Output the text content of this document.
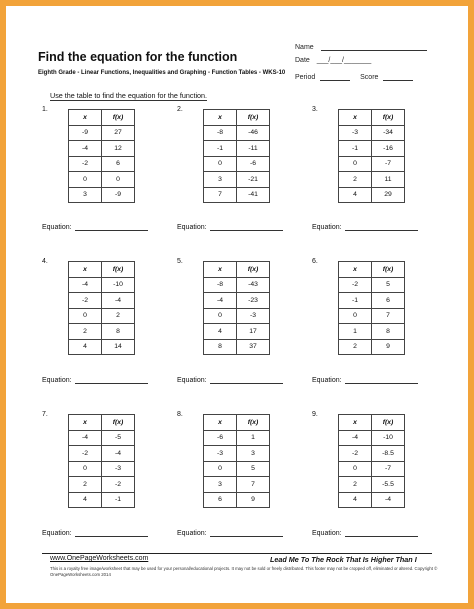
Find the equation for the function
Eighth Grade - Linear Functions, Inequalities and Graphing - Function Tables - WKS-10
Name
Date ___/___/_______
Period	Score
Use the table to find the equation for the function.
1.
x	f(x)
-9	27
-4	12
-2	6
0	0
3	-9
Equation:
2.
x	f(x)
-8	-46
-1	-11
0	-6
3	-21
7	-41
Equation:
3.
x	f(x)
-3	-34
-1	-16
0	-7
2	11
4	29
Equation:
4.
x	f(x)
-4	-10
-2	-4
0	2
2	8
4	14
Equation:
5.
x	f(x)
-8	-43
-4	-23
0	-3
4	17
8	37
Equation:
6.
x	f(x)
-2	5
-1	6
0	7
1	8
2	9
Equation:
7.
x	f(x)
-4	-5
-2	-4
0	-3
2	-2
4	-1
Equation:
8.
x	f(x)
-6	1
-3	3
0	5
3	7
6	9
Equation:
9.
x	f(x)
-4	-10
-2	-8.5
0	-7
2	-5.5
4	-4
Equation:
www.OnePageWorksheets.com	Lead Me To The Rock That Is Higher Than I
This is a royalty free image/worksheet that may be used for your personal/educational projects. It may not be sold or freely distributed. This footer may not be cropped off, eliminated or altered. Copyright © OnePageWorksheets.com 2014
